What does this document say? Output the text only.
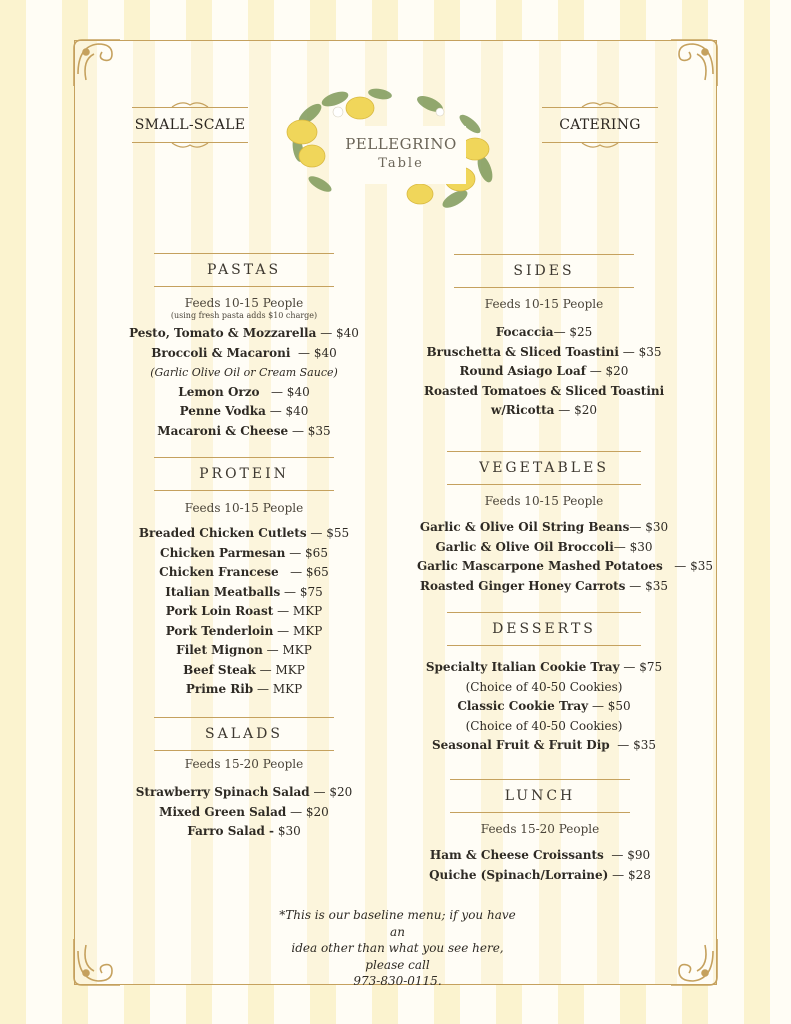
SMALL-SCALE	CATERING
PELLEGRINO
Table
PASTAS
Feeds 10-15 People
(using fresh pasta adds $10 charge)
Pesto, Tomato & Mozzarella — $40
Broccoli & Macaroni  — $40
(Garlic Olive Oil or Cream Sauce)
Lemon Orzo   — $40
Penne Vodka — $40
Macaroni & Cheese — $35
PROTEIN
Feeds 10-15 People
Breaded Chicken Cutlets — $55
Chicken Parmesan — $65
Chicken Francese   — $65
Italian Meatballs — $75
Pork Loin Roast — MKP
Pork Tenderloin — MKP
Filet Mignon — MKP
Beef Steak — MKP
Prime Rib — MKP
SALADS
Feeds 15-20 People
Strawberry Spinach Salad — $20
Mixed Green Salad — $20
Farro Salad - $30
SIDES
Feeds 10-15 People
Focaccia— $25
Bruschetta & Sliced Toastini — $35
Round Asiago Loaf — $20
Roasted Tomatoes & Sliced Toastini
w/Ricotta — $20
VEGETABLES
Feeds 10-15 People
Garlic & Olive Oil String Beans— $30
Garlic & Olive Oil Broccoli— $30
Garlic Mascarpone Mashed Potatoes   — $35
Roasted Ginger Honey Carrots — $35
DESSERTS
Specialty Italian Cookie Tray — $75
(Choice of 40-50 Cookies)
Classic Cookie Tray — $50
(Choice of 40-50 Cookies)
Seasonal Fruit & Fruit Dip  — $35
LUNCH
Feeds 15-20 People
Ham & Cheese Croissants  — $90
Quiche (Spinach/Lorraine) — $28
*This is our baseline menu; if you have an
idea other than what you see here, please call
973-830-0115.
